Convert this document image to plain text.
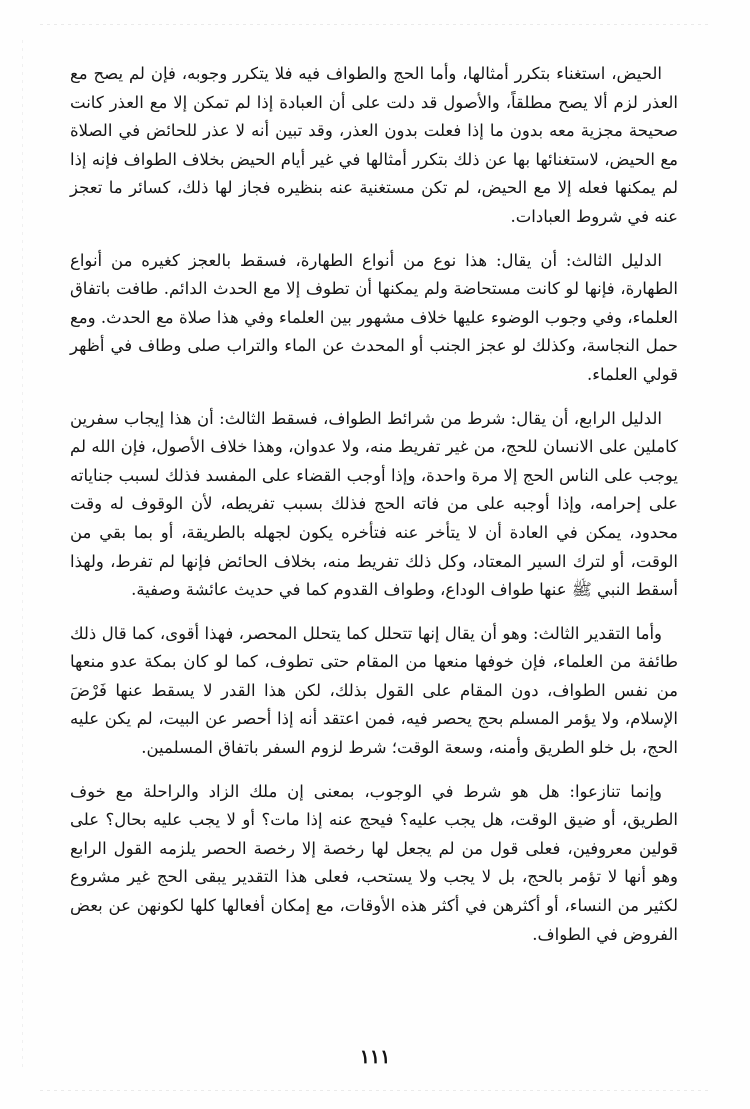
الحيض، استغناء بتكرر أمثالها، وأما الحج والطواف فيه فلا يتكرر وجوبه، فإن لم يصح مع العذر لزم ألا يصح مطلقاً، والأصول قد دلت على أن العبادة إذا لم تمكن إلا مع العذر كانت صحيحة مجزية معه بدون ما إذا فعلت بدون العذر، وقد تبين أنه لا عذر للحائض في الصلاة مع الحيض، لاستغنائها بها عن ذلك بتكرر أمثالها في غير أيام الحيض بخلاف الطواف فإنه إذا لم يمكنها فعله إلا مع الحيض، لم تكن مستغنية عنه بنظيره فجاز لها ذلك، كسائر ما تعجز عنه في شروط العبادات.

الدليل الثالث: أن يقال: هذا نوع من أنواع الطهارة، فسقط بالعجز كغيره من أنواع الطهارة، فإنها لو كانت مستحاضة ولم يمكنها أن تطوف إلا مع الحدث الدائم. طافت باتفاق العلماء، وفي وجوب الوضوء عليها خلاف مشهور بين العلماء وفي هذا صلاة مع الحدث. ومع حمل النجاسة، وكذلك لو عجز الجنب أو المحدث عن الماء والتراب صلى وطاف في أظهر قولي العلماء.

الدليل الرابع، أن يقال: شرط من شرائط الطواف، فسقط الثالث: أن هذا إيجاب سفرين كاملين على الانسان للحج، من غير تفريط منه، ولا عدوان، وهذا خلاف الأصول، فإن الله لم يوجب على الناس الحج إلا مرة واحدة، وإذا أوجب القضاء على المفسد فذلك لسبب جناياته على إحرامه، وإذا أوجبه على من فاته الحج فذلك بسبب تفريطه، لأن الوقوف له وقت محدود، يمكن في العادة أن لا يتأخر عنه فتأخره يكون لجهله بالطريقة، أو بما بقي من الوقت، أو لترك السير المعتاد، وكل ذلك تفريط منه، بخلاف الحائض فإنها لم تفرط، ولهذا أسقط النبي ﷺ عنها طواف الوداع، وطواف القدوم كما في حديث عائشة وصفية.

وأما التقدير الثالث: وهو أن يقال إنها تتحلل كما يتحلل المحصر، فهذا أقوى، كما قال ذلك طائفة من العلماء، فإن خوفها منعها من المقام حتى تطوف، كما لو كان بمكة عدو منعها من نفس الطواف، دون المقام على القول بذلك، لكن هذا القدر لا يسقط عنها فَرْضَ الإسلام، ولا يؤمر المسلم بحج يحصر فيه، فمن اعتقد أنه إذا أحصر عن البيت، لم يكن عليه الحج، بل خلو الطريق وأمنه، وسعة الوقت؛ شرط لزوم السفر باتفاق المسلمين.

وإنما تنازعوا: هل هو شرط في الوجوب، بمعنى إن ملك الزاد والراحلة مع خوف الطريق، أو ضيق الوقت، هل يجب عليه؟ فيحج عنه إذا مات؟ أو لا يجب عليه بحال؟ على قولين معروفين، فعلى قول من لم يجعل لها رخصة إلا رخصة الحصر يلزمه القول الرابع وهو أنها لا تؤمر بالحج، بل لا يجب ولا يستحب، فعلى هذا التقدير يبقى الحج غير مشروع لكثير من النساء، أو أكثرهن في أكثر هذه الأوقات، مع إمكان أفعالها كلها لكونهن عن بعض الفروض في الطواف.

١١١
